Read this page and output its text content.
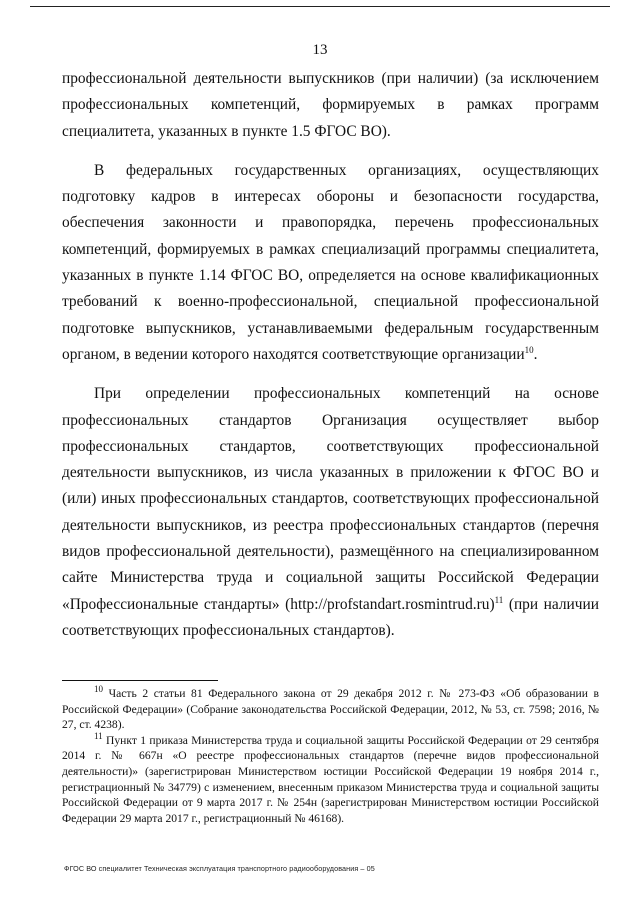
13

профессиональной деятельности выпускников (при наличии) (за исключением профессиональных компетенций, формируемых в рамках программ специалитета, указанных в пункте 1.5 ФГОС ВО).

В федеральных государственных организациях, осуществляющих подготовку кадров в интересах обороны и безопасности государства, обеспечения законности и правопорядка, перечень профессиональных компетенций, формируемых в рамках специализаций программы специалитета, указанных в пункте 1.14 ФГОС ВО, определяется на основе квалификационных требований к военно-профессиональной, специальной профессиональной подготовке выпускников, устанавливаемыми федеральным государственным органом, в ведении которого находятся соответствующие организации$^{10}$.

При определении профессиональных компетенций на основе профессиональных стандартов Организация осуществляет выбор профессиональных стандартов, соответствующих профессиональной деятельности выпускников, из числа указанных в приложении к ФГОС ВО и (или) иных профессиональных стандартов, соответствующих профессиональной деятельности выпускников, из реестра профессиональных стандартов (перечня видов профессиональной деятельности), размещённого на специализированном сайте Министерства труда и социальной защиты Российской Федерации «Профессиональные стандарты» (http://profstandart.rosmintrud.ru)$^{11}$ (при наличии соответствующих профессиональных стандартов).

$^{10}$ Часть 2 статьи 81 Федерального закона от 29 декабря 2012 г. № 273-ФЗ «Об образовании в Российской Федерации» (Собрание законодательства Российской Федерации, 2012, № 53, ст. 7598; 2016, № 27, ст. 4238).

$^{11}$ Пункт 1 приказа Министерства труда и социальной защиты Российской Федерации от 29 сентября 2014 г. № 667н «О реестре профессиональных стандартов (перечне видов профессиональной деятельности)» (зарегистрирован Министерством юстиции Российской Федерации 19 ноября 2014 г., регистрационный № 34779) с изменением, внесенным приказом Министерства труда и социальной защиты Российской Федерации от 9 марта 2017 г. № 254н (зарегистрирован Министерством юстиции Российской Федерации 29 марта 2017 г., регистрационный № 46168).

ФГОС ВО специалитет Техническая эксплуатация транспортного радиооборудования – 05
